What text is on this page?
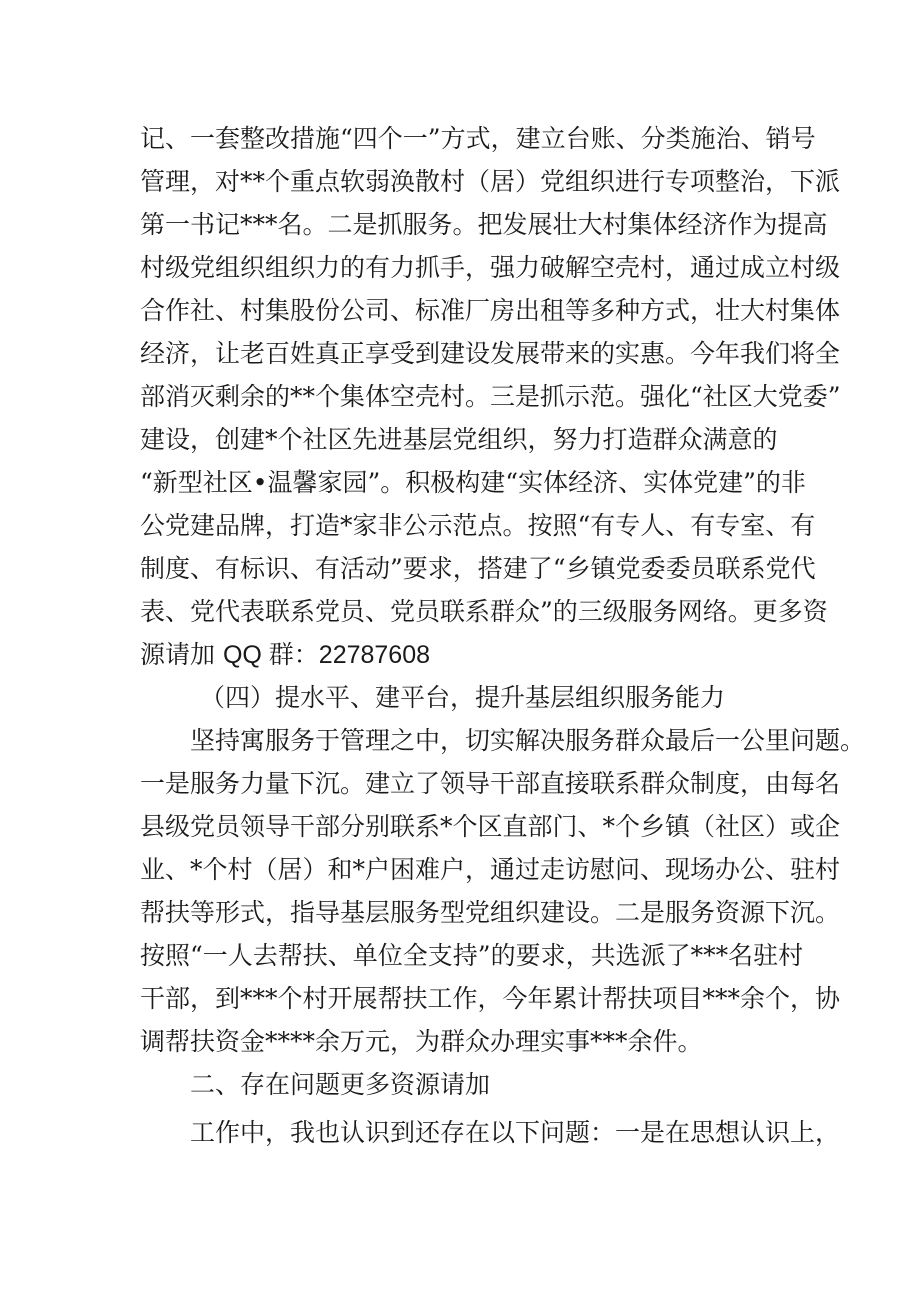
记、一套整改措施“四个一”方式，建立台账、分类施治、销号
管理，对**个重点软弱涣散村（居）党组织进行专项整治，下派
第一书记***名。二是抓服务。把发展壮大村集体经济作为提高
村级党组织组织力的有力抓手，强力破解空壳村，通过成立村级
合作社、村集股份公司、标准厂房出租等多种方式，壮大村集体
经济，让老百姓真正享受到建设发展带来的实惠。今年我们将全
部消灭剩余的**个集体空壳村。三是抓示范。强化“社区大党委”
建设，创建*个社区先进基层党组织，努力打造群众满意的
“新型社区•温馨家园”。积极构建“实体经济、实体党建”的非
公党建品牌，打造*家非公示范点。按照“有专人、有专室、有
制度、有标识、有活动”要求，搭建了“乡镇党委委员联系党代
表、党代表联系党员、党员联系群众”的三级服务网络。更多资
源请加 QQ 群：22787608
（四）提水平、建平台，提升基层组织服务能力
坚持寓服务于管理之中，切实解决服务群众最后一公里问题。
一是服务力量下沉。建立了领导干部直接联系群众制度，由每名
县级党员领导干部分别联系*个区直部门、*个乡镇（社区）或企
业、*个村（居）和*户困难户，通过走访慰问、现场办公、驻村
帮扶等形式，指导基层服务型党组织建设。二是服务资源下沉。
按照“一人去帮扶、单位全支持”的要求，共选派了***名驻村
干部，到***个村开展帮扶工作，今年累计帮扶项目***余个，协
调帮扶资金****余万元，为群众办理实事***余件。
二、存在问题更多资源请加
工作中，我也认识到还存在以下问题：一是在思想认识上，
